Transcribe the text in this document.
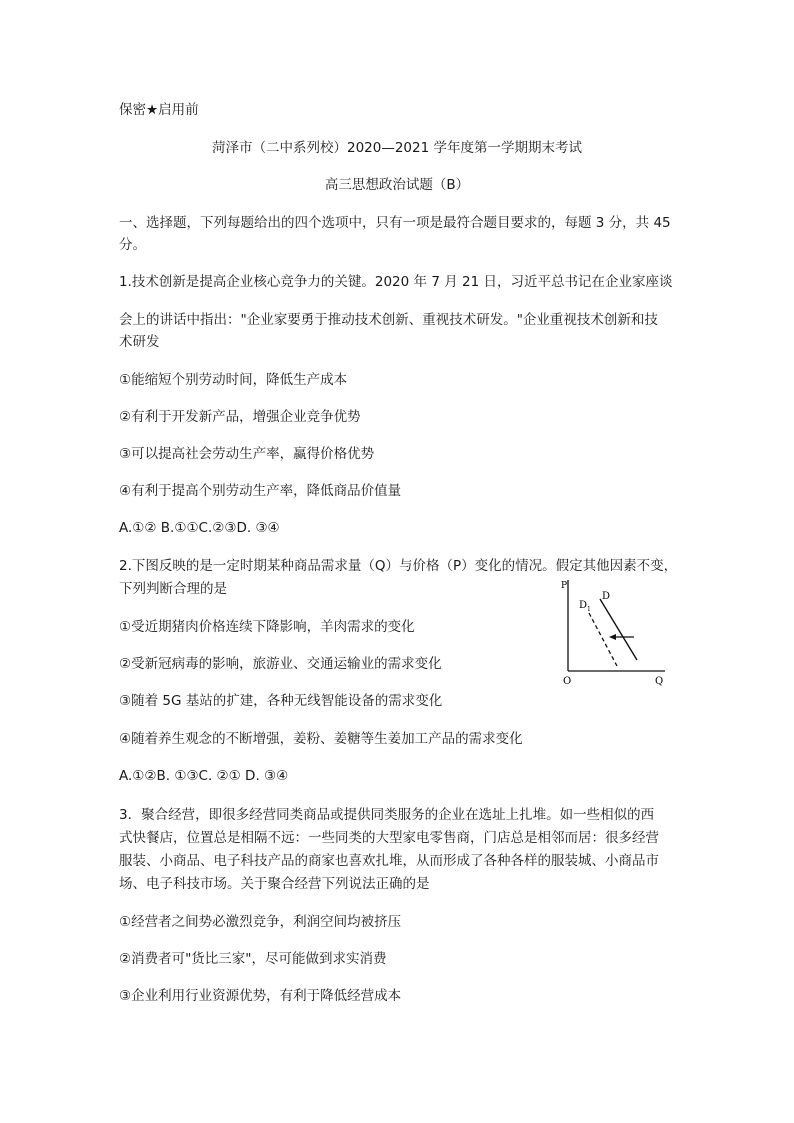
保密★启用前
菏泽市（二中系列校）2020—2021 学年度第一学期期末考试
高三思想政治试题（B）
一、选择题，下列每题给出的四个选项中，只有一项是最符合题目要求的，每题 3 分，共 45
分。
1.技术创新是提高企业核心竞争力的关键。2020 年 7 月 21 日，习近平总书记在企业家座谈
会上的讲话中指出："企业家要勇于推动技术创新、重视技术研发。"企业重视技术创新和技
术研发
①能缩短个别劳动时间，降低生产成本
②有利于开发新产品，增强企业竞争优势
③可以提高社会劳动生产率，赢得价格优势
④有利于提高个别劳动生产率，降低商品价值量
A.①② B.①①C.②③D. ③④
2.下图反映的是一定时期某种商品需求量（Q）与价格（P）变化的情况。假定其他因素不变，
下列判断合理的是
①受近期猪肉价格连续下降影响，羊肉需求的变化
②受新冠病毒的影响，旅游业、交通运输业的需求变化
③随着 5G 基站的扩建，各种无线智能设备的需求变化
④随着养生观念的不断增强，姜粉、姜糖等生姜加工产品的需求变化
A.①②B. ①③C. ②① D. ③④
P
Q
O
D
D 1
3．聚合经营，即很多经营同类商品或提供同类服务的企业在选址上扎堆。如一些相似的西
式快餐店，位置总是相隔不远：一些同类的大型家电零售商，门店总是相邻而居：很多经营
服装、小商品、电子科技产品的商家也喜欢扎堆，从而形成了各种各样的服装城、小商品市
场、电子科技市场。关于聚合经营下列说法正确的是
①经营者之间势必激烈竞争，利润空间均被挤压
②消费者可"货比三家"，尽可能做到求实消费
③企业利用行业资源优势，有利于降低经营成本
